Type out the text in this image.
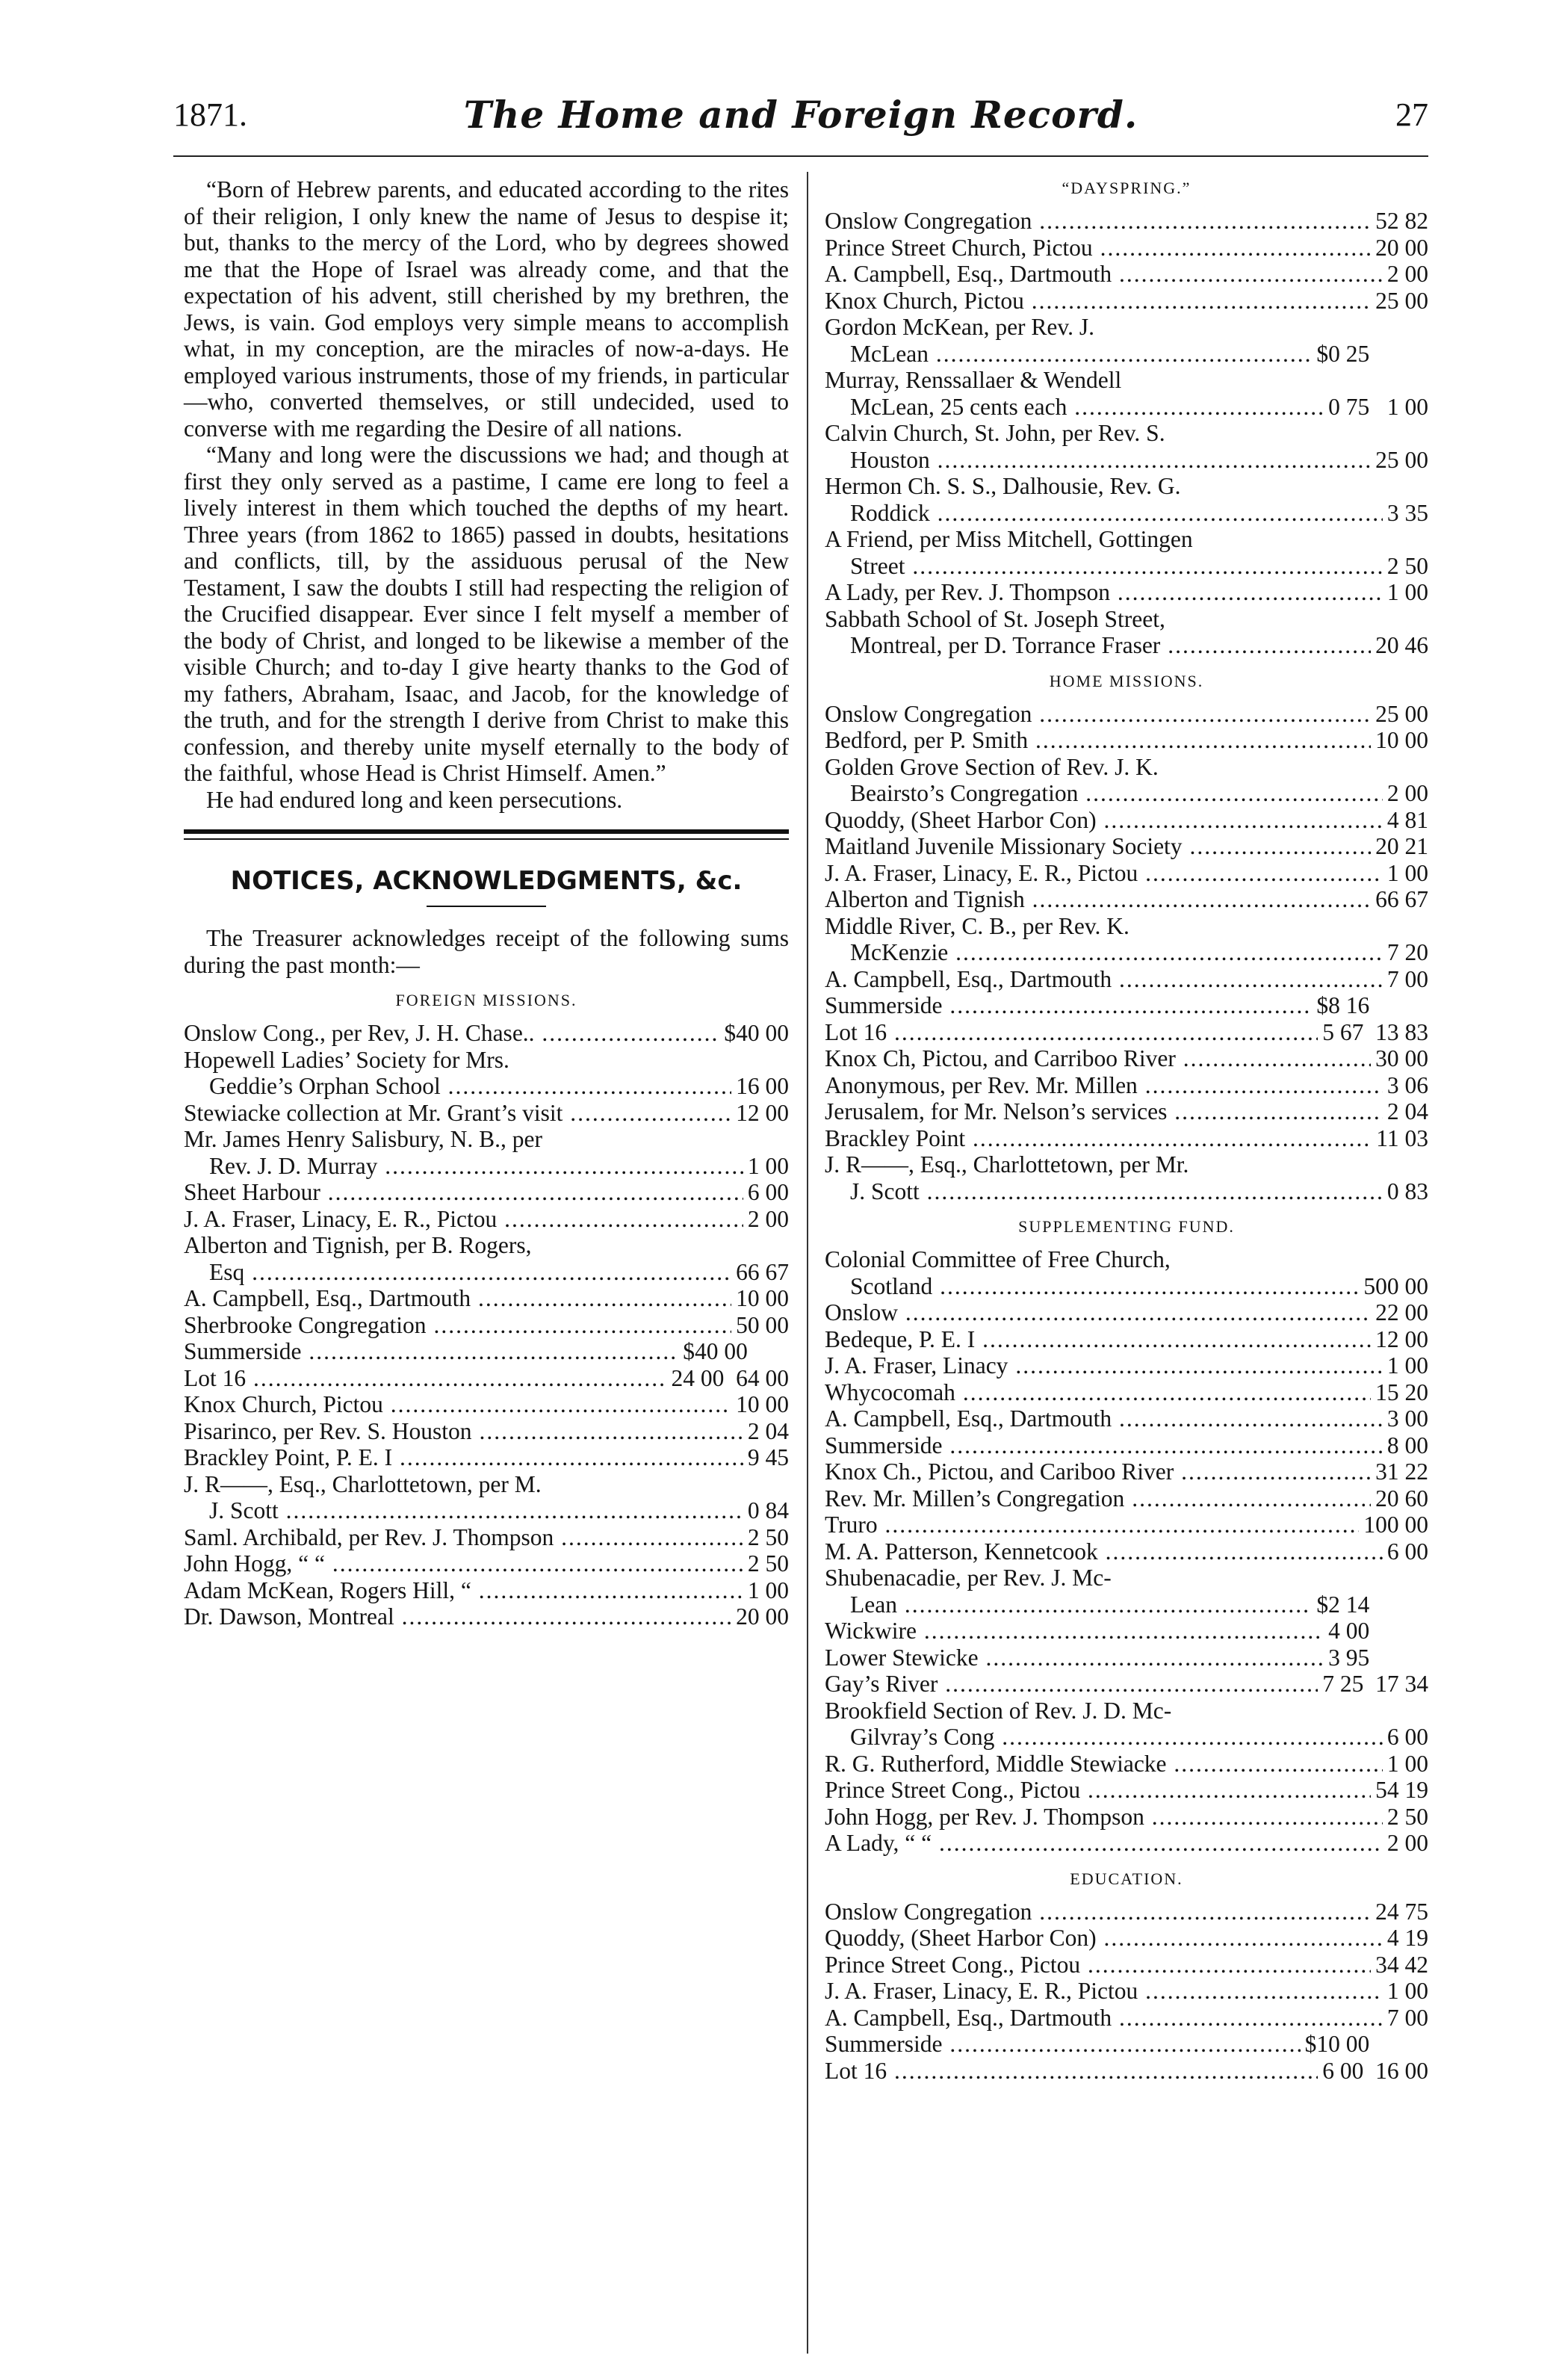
1871.	The Home and Foreign Record.	27

“Born of Hebrew parents, and educated according to the rites of their religion, I only knew the name of Jesus to despise it; but, thanks to the mercy of the Lord, who by degrees showed me that the Hope of Israel was already come, and that the expectation of his advent, still cherished by my brethren, the Jews, is vain. God employs very simple means to accomplish what, in my conception, are the miracles of now-a-days. He employed various instruments, those of my friends, in particular—who, converted themselves, or still undecided, used to converse with me regarding the Desire of all nations.

“Many and long were the discussions we had; and though at first they only served as a pastime, I came ere long to feel a lively interest in them which touched the depths of my heart. Three years (from 1862 to 1865) passed in doubts, hesitations and conflicts, till, by the assiduous perusal of the New Testament, I saw the doubts I still had respecting the religion of the Crucified disappear. Ever since I felt myself a member of the body of Christ, and longed to be likewise a member of the visible Church; and to-day I give hearty thanks to the God of my fathers, Abraham, Isaac, and Jacob, for the knowledge of the truth, and for the strength I derive from Christ to make this confession, and thereby unite myself eternally to the body of the faithful, whose Head is Christ Himself. Amen.”

He had endured long and keen persecutions.

NOTICES, ACKNOWLEDGMENTS, &c.

The Treasurer acknowledges receipt of the following sums during the past month:—

FOREIGN MISSIONS.
Onslow Cong., per Rev, J. H. Chase.. .....	$40 00
Hopewell Ladies’ Society for Mrs.
Geddie’s Orphan School .....	16 00
Stewiacke collection at Mr. Grant’s visit .....	12 00
Mr. James Henry Salisbury, N. B., per
Rev. J. D. Murray .....	1 00
Sheet Harbour .....	6 00
J. A. Fraser, Linacy, E. R., Pictou .....	2 00
Alberton and Tignish, per B. Rogers,
Esq .....	66 67
A. Campbell, Esq., Dartmouth .....	10 00
Sherbrooke Congregation .....	50 00
Summerside .....	$40 00
Lot 16 .....	24 00  64 00
Knox Church, Pictou .....	10 00
Pisarinco, per Rev. S. Houston .....	2 04
Brackley Point, P. E. I .....	9 45
J. R——, Esq., Charlottetown, per M.
J. Scott .....	0 84
Saml. Archibald, per Rev. J. Thompson .....	2 50
John Hogg, “ “ .....	2 50
Adam McKean, Rogers Hill, “ .....	1 00
Dr. Dawson, Montreal .....	20 00
“DAYSPRING.”
Onslow Congregation .....	52 82
Prince Street Church, Pictou .....	20 00
A. Campbell, Esq., Dartmouth .....	2 00
Knox Church, Pictou .....	25 00
Gordon McKean, per Rev. J.
McLean .....	$0 25
Murray, Renssallaer & Wendell
McLean, 25 cents each .....	0 75   1 00
Calvin Church, St. John, per Rev. S.
Houston .....	25 00
Hermon Ch. S. S., Dalhousie, Rev. G.
Roddick .....	3 35
A Friend, per Miss Mitchell, Gottingen
Street .....	2 50
A Lady, per Rev. J. Thompson .....	1 00
Sabbath School of St. Joseph Street,
Montreal, per D. Torrance Fraser .....	20 46
HOME MISSIONS.
Onslow Congregation .....	25 00
Bedford, per P. Smith .....	10 00
Golden Grove Section of Rev. J. K.
Beairsto’s Congregation .....	2 00
Quoddy, (Sheet Harbor Con) .....	4 81
Maitland Juvenile Missionary Society .....	20 21
J. A. Fraser, Linacy, E. R., Pictou .....	1 00
Alberton and Tignish .....	66 67
Middle River, C. B., per Rev. K.
McKenzie .....	7 20
A. Campbell, Esq., Dartmouth .....	7 00
Summerside .....	$8 16
Lot 16 .....	5 67  13 83
Knox Ch, Pictou, and Carriboo River .....	30 00
Anonymous, per Rev. Mr. Millen .....	3 06
Jerusalem, for Mr. Nelson’s services .....	2 04
Brackley Point .....	11 03
J. R——, Esq., Charlottetown, per Mr.
J. Scott .....	0 83
SUPPLEMENTING FUND.
Colonial Committee of Free Church,
Scotland .....	500 00
Onslow .....	22 00
Bedeque, P. E. I .....	12 00
J. A. Fraser, Linacy .....	1 00
Whycocomah .....	15 20
A. Campbell, Esq., Dartmouth .....	3 00
Summerside .....	8 00
Knox Ch., Pictou, and Cariboo River .....	31 22
Rev. Mr. Millen’s Congregation .....	20 60
Truro .....	100 00
M. A. Patterson, Kennetcook .....	6 00
Shubenacadie, per Rev. J. Mc-
Lean .....	$2 14
Wickwire .....	4 00
Lower Stewicke .....	3 95
Gay’s River .....	7 25  17 34
Brookfield Section of Rev. J. D. Mc-
Gilvray’s Cong .....	6 00
R. G. Rutherford, Middle Stewiacke .....	1 00
Prince Street Cong., Pictou .....	54 19
John Hogg, per Rev. J. Thompson .....	2 50
A Lady, “ “ .....	2 00
EDUCATION.
Onslow Congregation .....	24 75
Quoddy, (Sheet Harbor Con) .....	4 19
Prince Street Cong., Pictou .....	34 42
J. A. Fraser, Linacy, E. R., Pictou .....	1 00
A. Campbell, Esq., Dartmouth .....	7 00
Summerside .....	$10 00
Lot 16 .....	6 00  16 00
